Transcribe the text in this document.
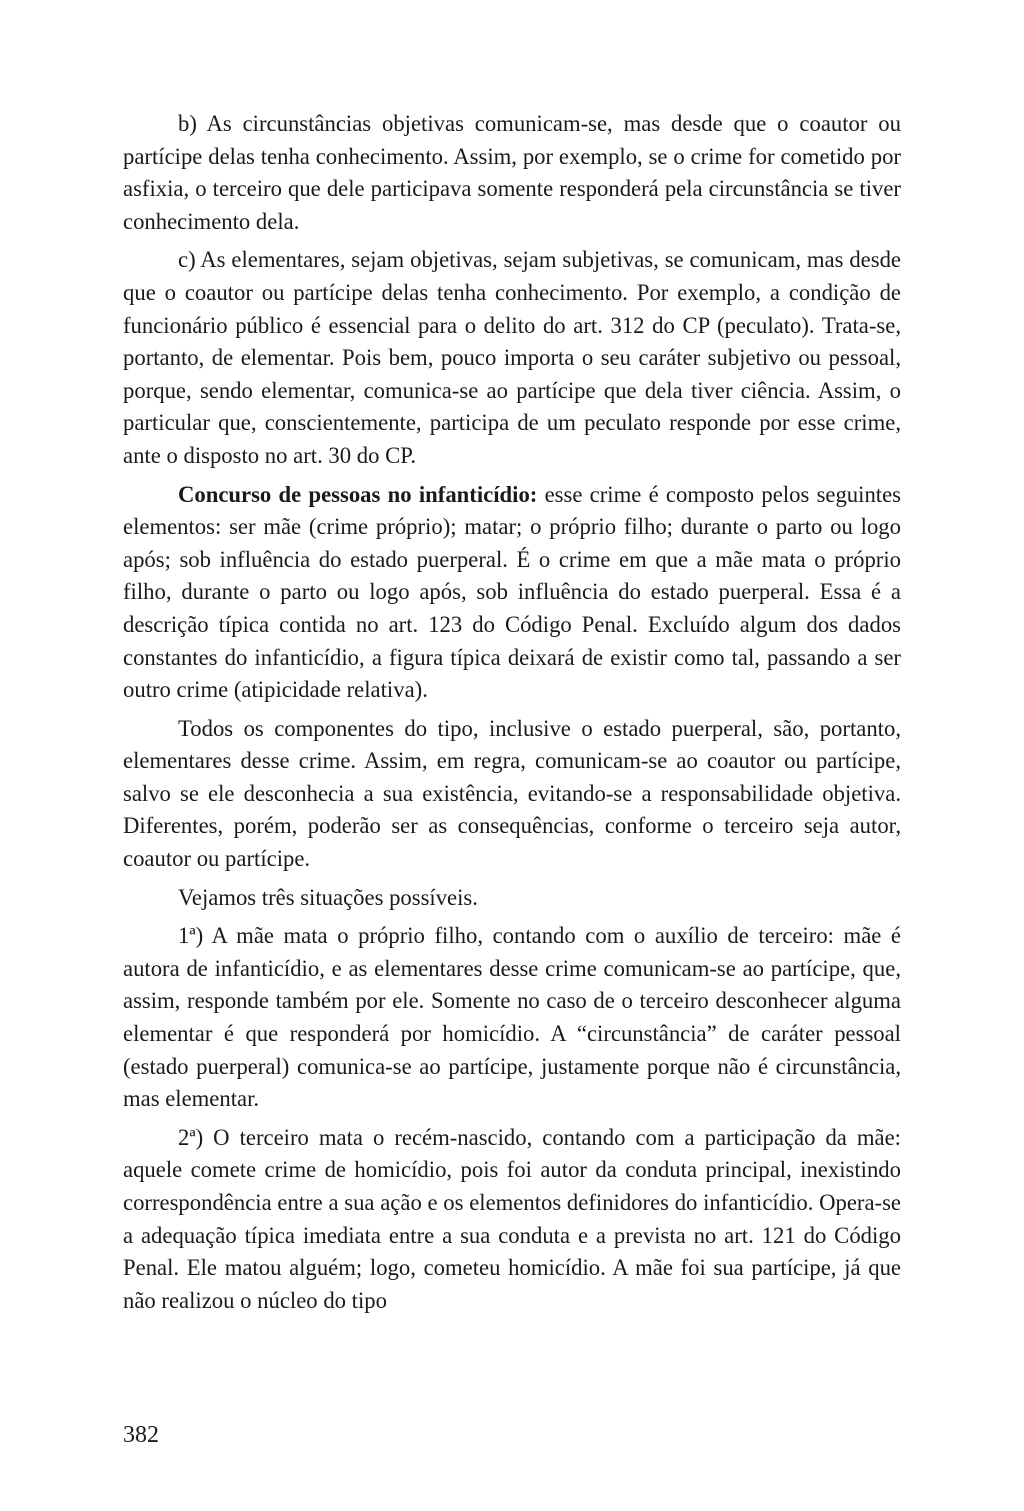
b) As circunstâncias objetivas comunicam-se, mas desde que o coautor ou partícipe delas tenha conhecimento. Assim, por exemplo, se o crime for cometido por asfixia, o terceiro que dele participava somente responderá pela circunstância se tiver conhecimento dela.

c) As elementares, sejam objetivas, sejam subjetivas, se comunicam, mas desde que o coautor ou partícipe delas tenha conhecimento. Por exemplo, a condição de funcionário público é essencial para o delito do art. 312 do CP (peculato). Trata-se, portanto, de elementar. Pois bem, pouco importa o seu caráter subjetivo ou pessoal, porque, sendo elementar, comunica-se ao partícipe que dela tiver ciência. Assim, o particular que, conscientemente, participa de um peculato responde por esse crime, ante o disposto no art. 30 do CP.

Concurso de pessoas no infanticídio: esse crime é composto pelos seguintes elementos: ser mãe (crime próprio); matar; o próprio filho; durante o parto ou logo após; sob influência do estado puerperal. É o crime em que a mãe mata o próprio filho, durante o parto ou logo após, sob influência do estado puerperal. Essa é a descrição típica contida no art. 123 do Código Penal. Excluído algum dos dados constantes do infanticídio, a figura típica deixará de existir como tal, passando a ser outro crime (atipicidade relativa).

Todos os componentes do tipo, inclusive o estado puerperal, são, portanto, elementares desse crime. Assim, em regra, comunicam-se ao coautor ou partícipe, salvo se ele desconhecia a sua existência, evitando-se a responsabilidade objetiva. Diferentes, porém, poderão ser as consequências, conforme o terceiro seja autor, coautor ou partícipe.

Vejamos três situações possíveis.

1ª) A mãe mata o próprio filho, contando com o auxílio de terceiro: mãe é autora de infanticídio, e as elementares desse crime comunicam-se ao partícipe, que, assim, responde também por ele. Somente no caso de o terceiro desconhecer alguma elementar é que responderá por homicídio. A “circunstância” de caráter pessoal (estado puerperal) comunica-se ao partícipe, justamente porque não é circunstância, mas elementar.

2ª) O terceiro mata o recém-nascido, contando com a participação da mãe: aquele comete crime de homicídio, pois foi autor da conduta principal, inexistindo correspondência entre a sua ação e os elementos definidores do infanticídio. Opera-se a adequação típica imediata entre a sua conduta e a prevista no art. 121 do Código Penal. Ele matou alguém; logo, cometeu homicídio. A mãe foi sua partícipe, já que não realizou o núcleo do tipo

382
